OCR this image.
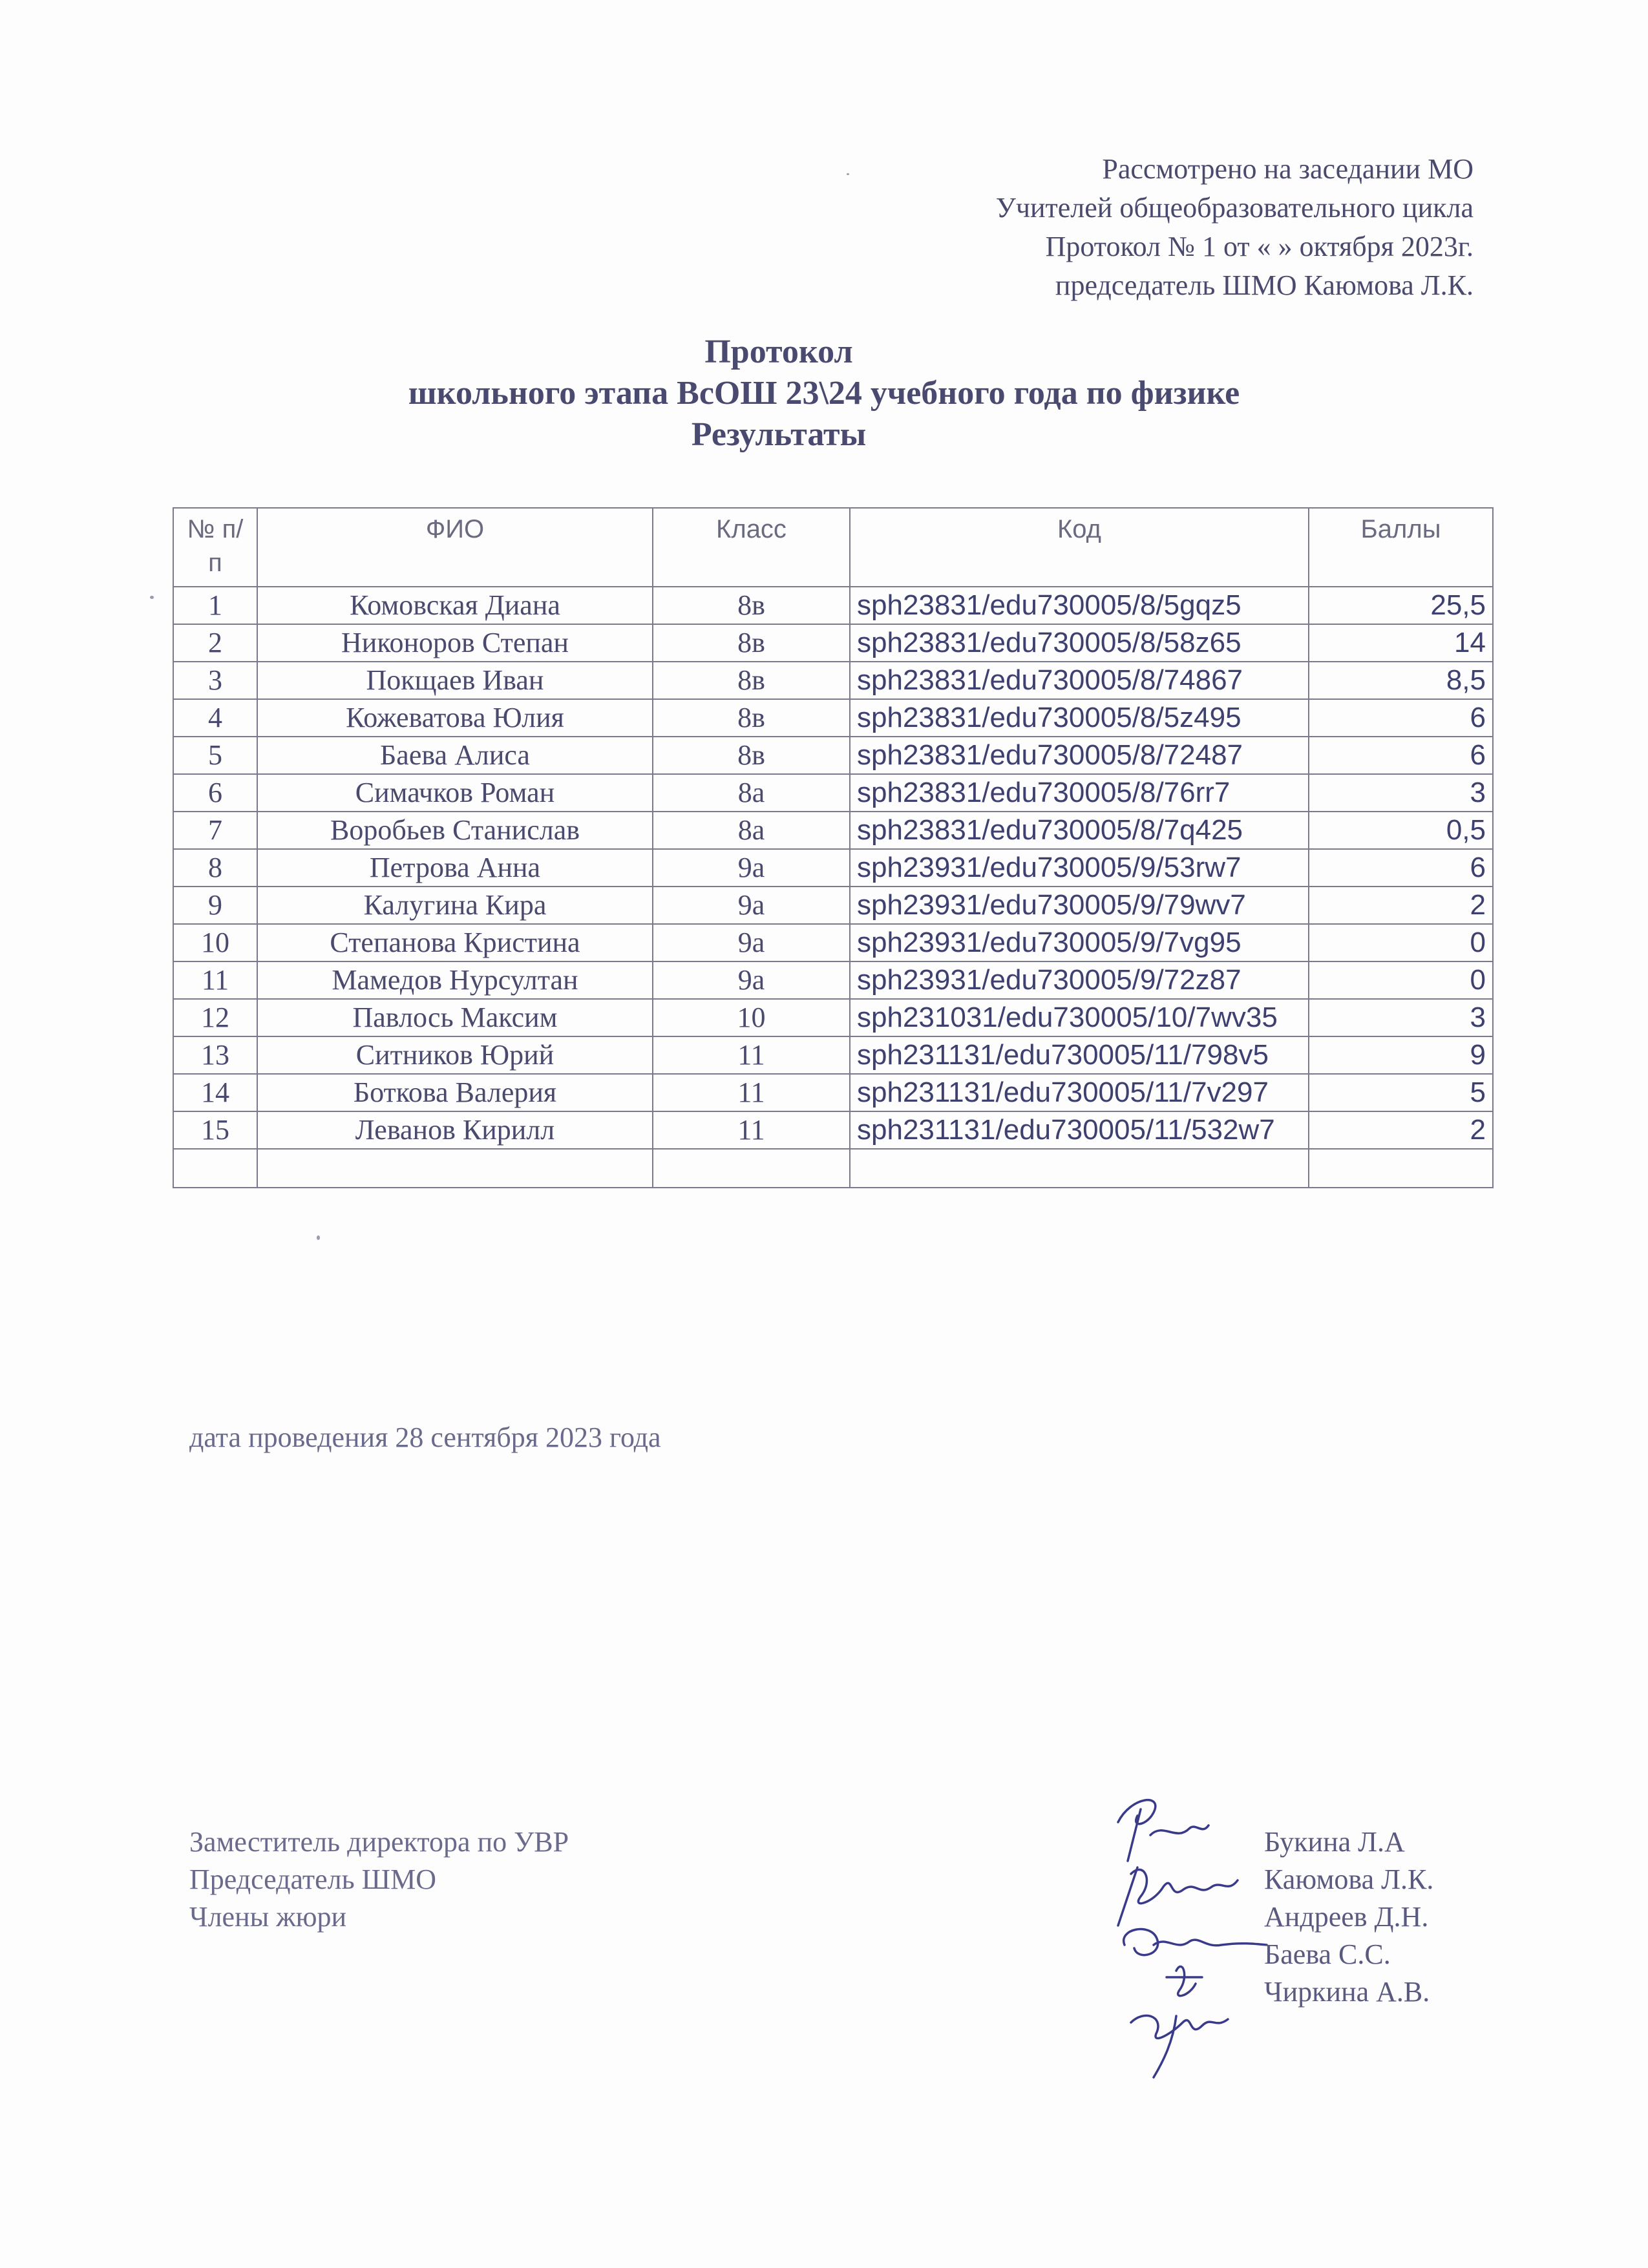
Рассмотрено на заседании МО
Учителей общеобразовательного цикла
Протокол № 1 от « » октября 2023г.
председатель ШМО Каюмова Л.К.
Протокол
школьного этапа ВсОШ 23\24 учебного года по физике
Результаты
№ п/п	ФИО	Класс	Код	Баллы
1	Комовская Диана	8в	sph23831/edu730005/8/5gqz5	25,5
2	Никоноров Степан	8в	sph23831/edu730005/8/58z65	14
3	Покщаев Иван	8в	sph23831/edu730005/8/74867	8,5
4	Кожеватова Юлия	8в	sph23831/edu730005/8/5z495	6
5	Баева Алиса	8в	sph23831/edu730005/8/72487	6
6	Симачков Роман	8а	sph23831/edu730005/8/76rr7	3
7	Воробьев Станислав	8а	sph23831/edu730005/8/7q425	0,5
8	Петрова Анна	9а	sph23931/edu730005/9/53rw7	6
9	Калугина Кира	9а	sph23931/edu730005/9/79wv7	2
10	Степанова Кристина	9а	sph23931/edu730005/9/7vg95	0
11	Мамедов Нурсултан	9а	sph23931/edu730005/9/72z87	0
12	Павлось Максим	10	sph231031/edu730005/10/7wv35	3
13	Ситников Юрий	11	sph231131/edu730005/11/798v5	9
14	Боткова Валерия	11	sph231131/edu730005/11/7v297	5
15	Леванов Кирилл	11	sph231131/edu730005/11/532w7	2

дата проведения 28 сентября 2023 года
Заместитель директора по УВР
Председатель ШМО
Члены жюри
Букина Л.А
Каюмова Л.К.
Андреев Д.Н.
Баева С.С.
Чиркина А.В.
